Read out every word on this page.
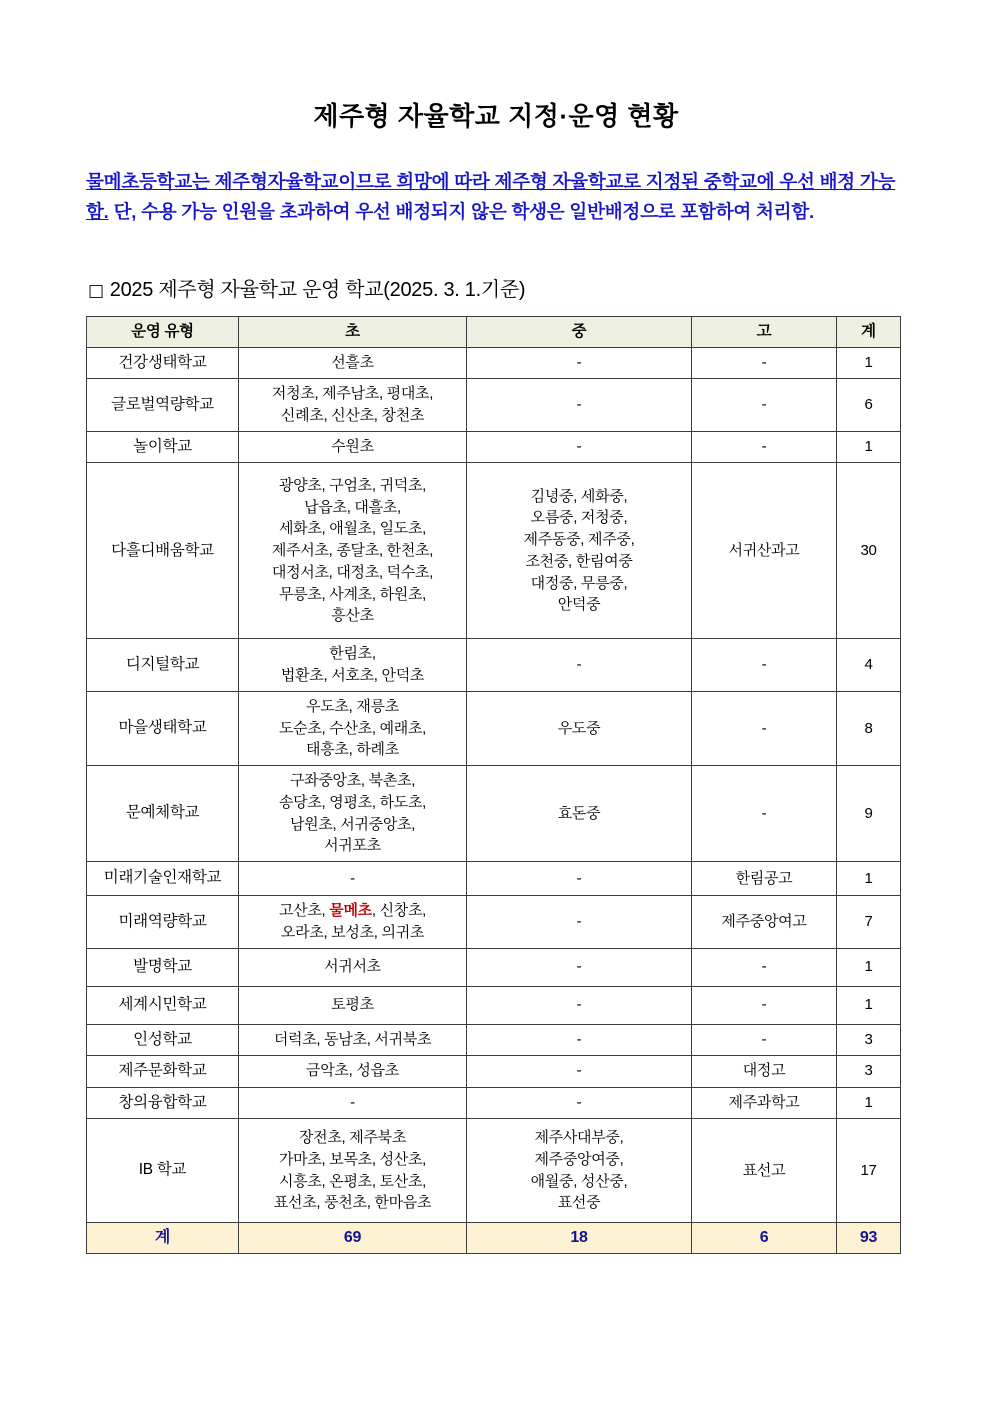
제주형 자율학교 지정·운영 현황

물메초등학교는 제주형자율학교이므로 희망에 따라 제주형 자율학교로 지정된 중학교에 우선 배정 가능함. 단, 수용 가능 인원을 초과하여 우선 배정되지 않은 학생은 일반배정으로 포함하여 처리함.

□ 2025 제주형 자율학교 운영 학교(2025. 3. 1.기준)
운영 유형	초	중	고	계
건강생태학교	선흘초	-	-	1
글로벌역량학교	저청초, 제주남초, 평대초,
신례초, 신산초, 창천초	-	-	6
놀이학교	수원초	-	-	1
다흘디배움학교	광양초, 구엄초, 귀덕초,
납읍초, 대흘초,
세화초, 애월초, 일도초,
제주서초, 종달초, 한천초,
대정서초, 대정초, 덕수초,
무릉초, 사계초, 하원초,
흥산초	김녕중, 세화중,
오름중, 저청중,
제주동중, 제주중,
조천중, 한림여중
대정중, 무릉중,
안덕중	서귀산과고	30
디지털학교	한림초,
법환초, 서호초, 안덕초	-	-	4
마을생태학교	우도초, 재릉초
도순초, 수산초, 예래초,
태흥초, 하례초	우도중	-	8
문예체학교	구좌중앙초, 북촌초,
송당초, 영평초, 하도초,
남원초, 서귀중앙초,
서귀포초	효돈중	-	9
미래기술인재학교	-	-	한림공고	1
미래역량학교	고산초, 물메초, 신창초,
오라초, 보성초, 의귀초	-	제주중앙여고	7
발명학교	서귀서초	-	-	1
세계시민학교	토평초	-	-	1
인성학교	더럭초, 동남초, 서귀북초	-	-	3
제주문화학교	금악초, 성읍초	-	대정고	3
창의융합학교	-	-	제주과학고	1
IB 학교	장전초, 제주북초
가마초, 보목초, 성산초,
시흥초, 온평초, 토산초,
표선초, 풍천초, 한마음초	제주사대부중,
제주중앙여중,
애월중, 성산중,
표선중	표선고	17
계	69	18	6	93
